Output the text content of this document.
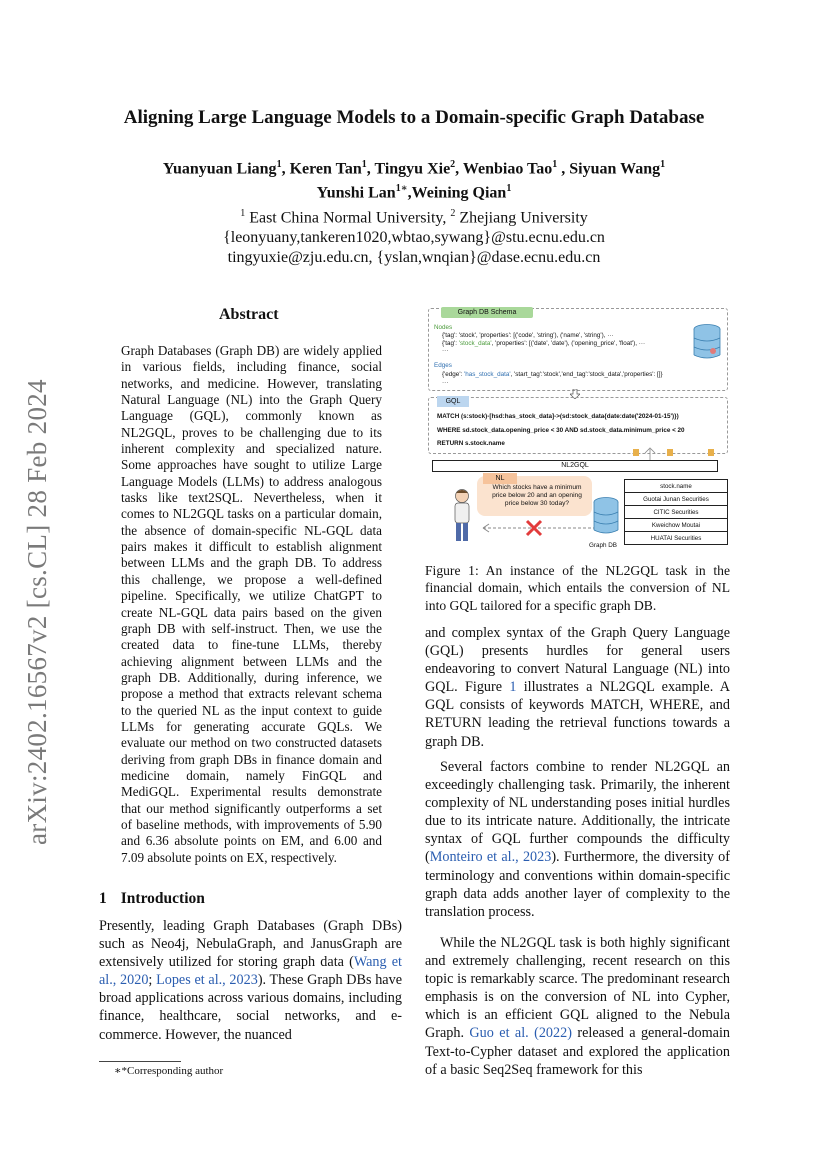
arXiv:2402.16567v2 [cs.CL] 28 Feb 2024
Aligning Large Language Models to a Domain-specific Graph Database
Yuanyuan Liang$^1$, Keren Tan$^1$, Tingyu Xie$^2$, Wenbiao Tao$^1$ , Siyuan Wang$^1$
Yunshi Lan$^{1∗}$,Weining Qian$^1$
$^1$ East China Normal University, $^2$ Zhejiang University
{leonyuany,tankeren1020,wbtao,sywang}@stu.ecnu.edu.cn
tingyuxie@zju.edu.cn, {yslan,wnqian}@dase.ecnu.edu.cn
Abstract
Graph Databases (Graph DB) are widely applied in various fields, including finance, social networks, and medicine. However, translating Natural Language (NL) into the Graph Query Language (GQL), commonly known as NL2GQL, proves to be challenging due to its inherent complexity and specialized nature. Some approaches have sought to utilize Large Language Models (LLMs) to address analogous tasks like text2SQL. Nevertheless, when it comes to NL2GQL tasks on a particular domain, the absence of domain-specific NL-GQL data pairs makes it difficult to establish alignment between LLMs and the graph DB. To address this challenge, we propose a well-defined pipeline. Specifically, we utilize ChatGPT to create NL-GQL data pairs based on the given graph DB with self-instruct. Then, we use the created data to fine-tune LLMs, thereby achieving alignment between LLMs and the graph DB. Additionally, during inference, we propose a method that extracts relevant schema to the queried NL as the input context to guide LLMs for generating accurate GQLs. We evaluate our method on two constructed datasets deriving from graph DBs in finance domain and medicine domain, namely FinGQL and MediGQL. Experimental results demonstrate that our method significantly outperforms a set of baseline methods, with improvements of 5.90 and 6.36 absolute points on EM, and 6.00 and 7.09 absolute points on EX, respectively.
1 Introduction
Presently, leading Graph Databases (Graph DBs) such as Neo4j, NebulaGraph, and JanusGraph are extensively utilized for storing graph data (Wang et al., 2020; Lopes et al., 2023). These Graph DBs have broad applications across various domains, including finance, healthcare, social networks, and e-commerce. However, the nuanced
∗*Corresponding author
Graph DB Schema
Nodes
{'tag': 'stock', 'properties': [('code', 'string'), ('name', 'string'), ···
{'tag': 'stock_data', 'properties': [('date', 'date'), ('opening_price', 'float'), ···
···
Edges
{'edge': 'has_stock_data', 'start_tag':'stock','end_tag':'stock_data','properties': []}
···
GQL
MATCH (s:stock)-[hsd:has_stock_data]->(sd:stock_data{date:date('2024-01-15')})
WHERE sd.stock_data.opening_price < 30 AND sd.stock_data.minimum_price < 20
RETURN s.stock.name
NL2GQL
NL
Which stocks have a minimum price below 20 and an opening price below 30 today?
Graph DB
stock.name
Guotai Junan Securities
CITIC Securities
Kweichow Moutai
HUATAI Securities
Figure 1: An instance of the NL2GQL task in the financial domain, which entails the conversion of NL into GQL tailored for a specific graph DB.
and complex syntax of the Graph Query Language (GQL) presents hurdles for general users endeavoring to convert Natural Language (NL) into GQL. Figure 1 illustrates a NL2GQL example. A GQL consists of keywords MATCH, WHERE, and RETURN leading the retrieval functions towards a graph DB.
Several factors combine to render NL2GQL an exceedingly challenging task. Primarily, the inherent complexity of NL understanding poses initial hurdles due to its intricate nature. Additionally, the intricate syntax of GQL further compounds the difficulty (Monteiro et al., 2023). Furthermore, the diversity of terminology and conventions within domain-specific graph data adds another layer of complexity to the translation process.
While the NL2GQL task is both highly significant and extremely challenging, recent research on this topic is remarkably scarce. The predominant research emphasis is on the conversion of NL into Cypher, which is an efficient GQL aligned to the Nebula Graph. Guo et al. (2022) released a general-domain Text-to-Cypher dataset and explored the application of a basic Seq2Seq framework for this
